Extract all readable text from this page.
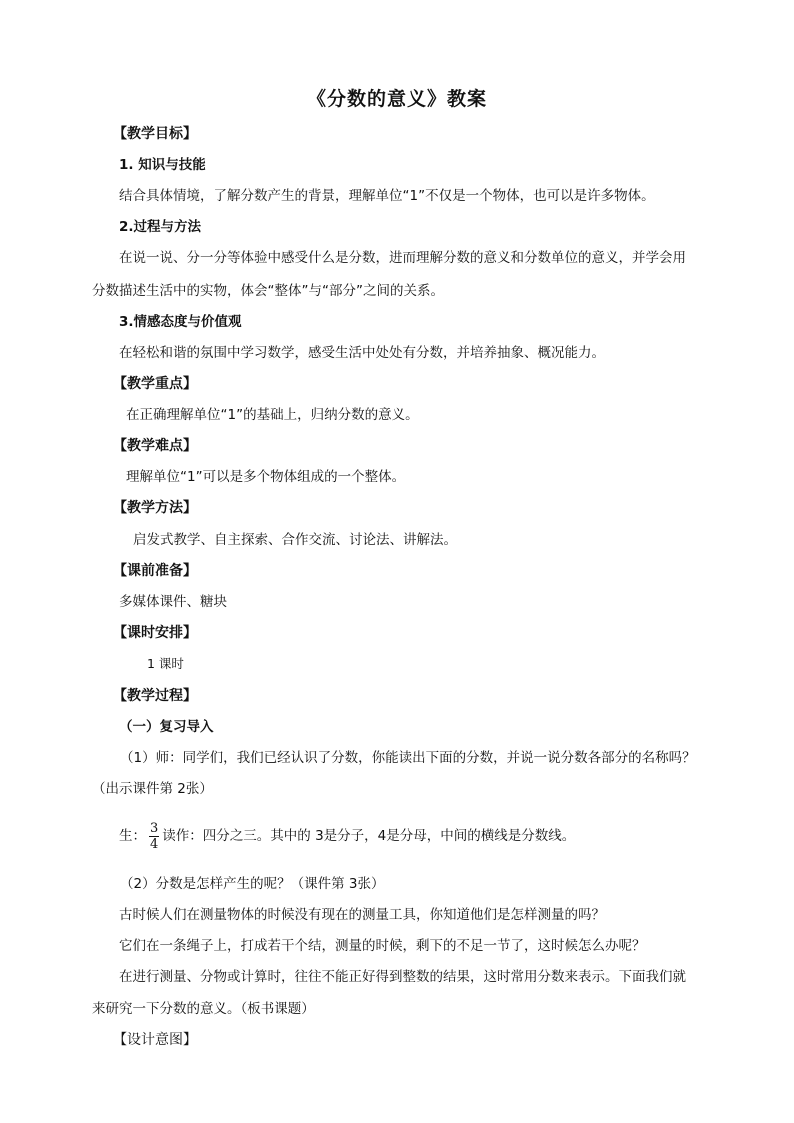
《分数的意义》教案
【教学目标】
1. 知识与技能
结合具体情境，了解分数产生的背景，理解单位“1”不仅是一个物体，也可以是许多物体。
2.过程与方法
在说一说、分一分等体验中感受什么是分数，进而理解分数的意义和分数单位的意义，并学会用
分数描述生活中的实物，体会“整体”与“部分”之间的关系。
3.情感态度与价值观
在轻松和谐的氛围中学习数学，感受生活中处处有分数，并培养抽象、概况能力。
【教学重点】
在正确理解单位“1”的基础上，归纳分数的意义。
【教学难点】
理解单位“1”可以是多个物体组成的一个整体。
【教学方法】
启发式教学、自主探索、合作交流、讨论法、讲解法。
【课前准备】
多媒体课件、糖块
【课时安排】
1 课时
【教学过程】
（一）复习导入
（1）师：同学们，我们已经认识了分数，你能读出下面的分数，并说一说分数各部分的名称吗？
（出示课件第 2张）
生： $\frac{3}{4}$ 读作：四分之三。其中的 3是分子，4是分母，中间的横线是分数线。
（2）分数是怎样产生的呢？（课件第 3张）
古时候人们在测量物体的时候没有现在的测量工具，你知道他们是怎样测量的吗？
它们在一条绳子上，打成若干个结，测量的时候，剩下的不足一节了，这时候怎么办呢？
在进行测量、分物或计算时，往往不能正好得到整数的结果，这时常用分数来表示。下面我们就
来研究一下分数的意义。（板书课题）
【设计意图】
